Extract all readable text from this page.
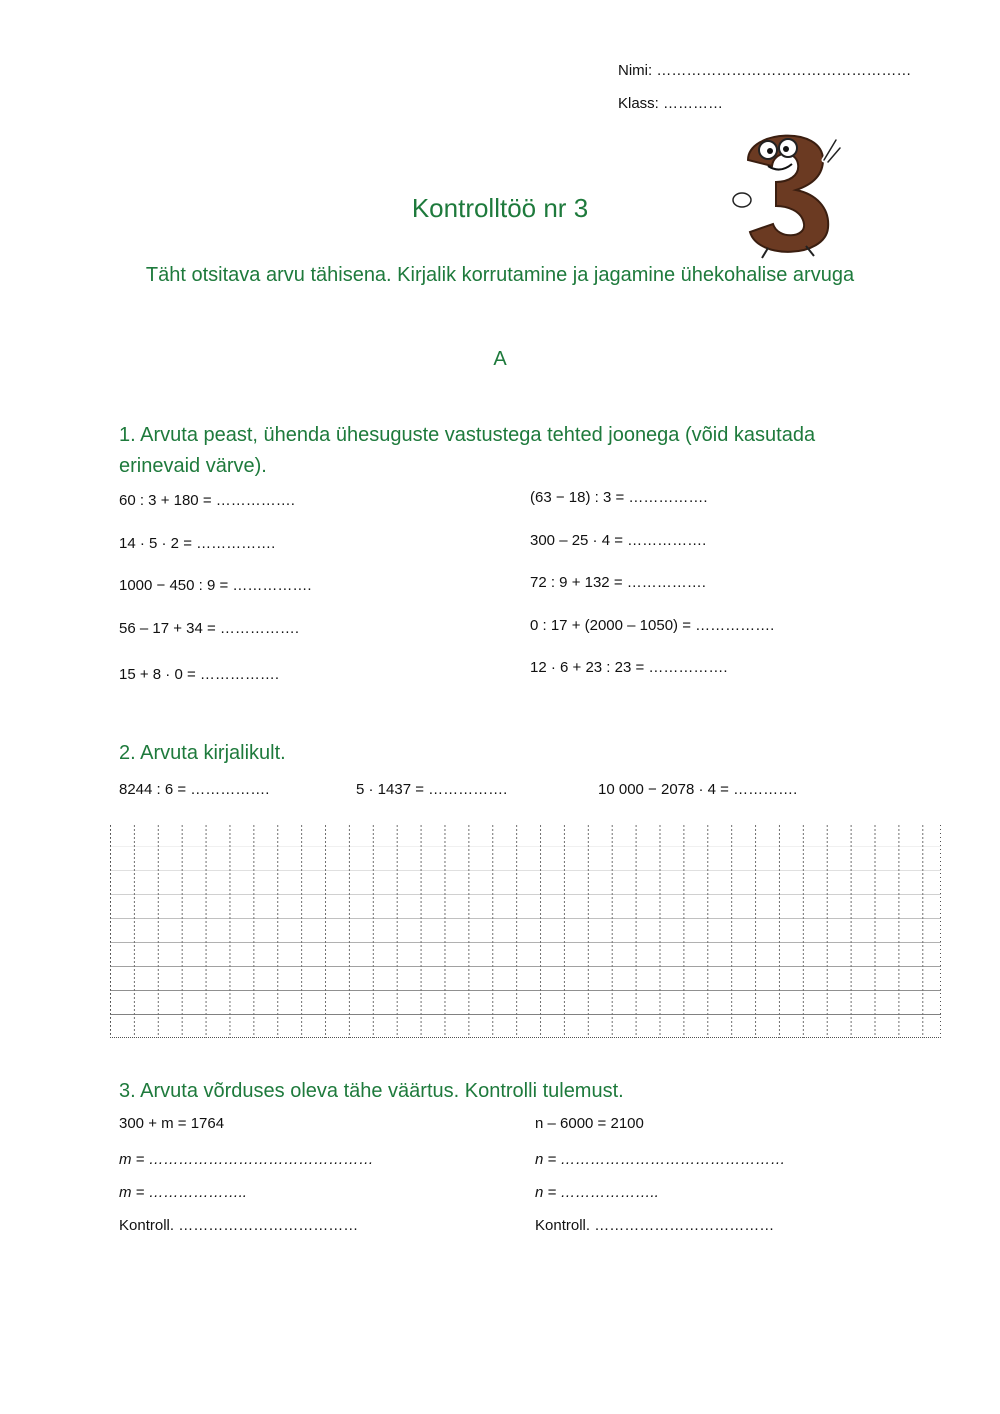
Nimi: ……………………………………………
Klass: …………
Kontrolltöö nr 3
Täht otsitava arvu tähisena. Kirjalik korrutamine ja jagamine ühekohalise arvuga
A
1. Arvuta peast, ühenda ühesuguste vastustega tehted joonega (võid kasutada erinevaid värve).
60 : 3 + 180 = …………….
14 · 5 · 2 = …………….
1000 − 450 : 9 = …………….
56 – 17 + 34 = …………….
15 + 8 · 0 = …………….
(63 − 18) : 3 = …………….
300 – 25 · 4 = …………….
72 : 9 + 132 = …………….
0 : 17 + (2000 – 1050) = …………….
12 · 6 + 23 : 23 = …………….
2. Arvuta kirjalikult.
8244 : 6 = …………….	5 · 1437 = …………….	10 000 − 2078 · 4 = ………….
3. Arvuta võrduses oleva tähe väärtus. Kontrolli tulemust.
300 + m = 1764
m = ………………………………………
m = ………………..
Kontroll. ………………………………
n – 6000 = 2100
n = ………………………………………
n = ………………..
Kontroll. ………………………………
